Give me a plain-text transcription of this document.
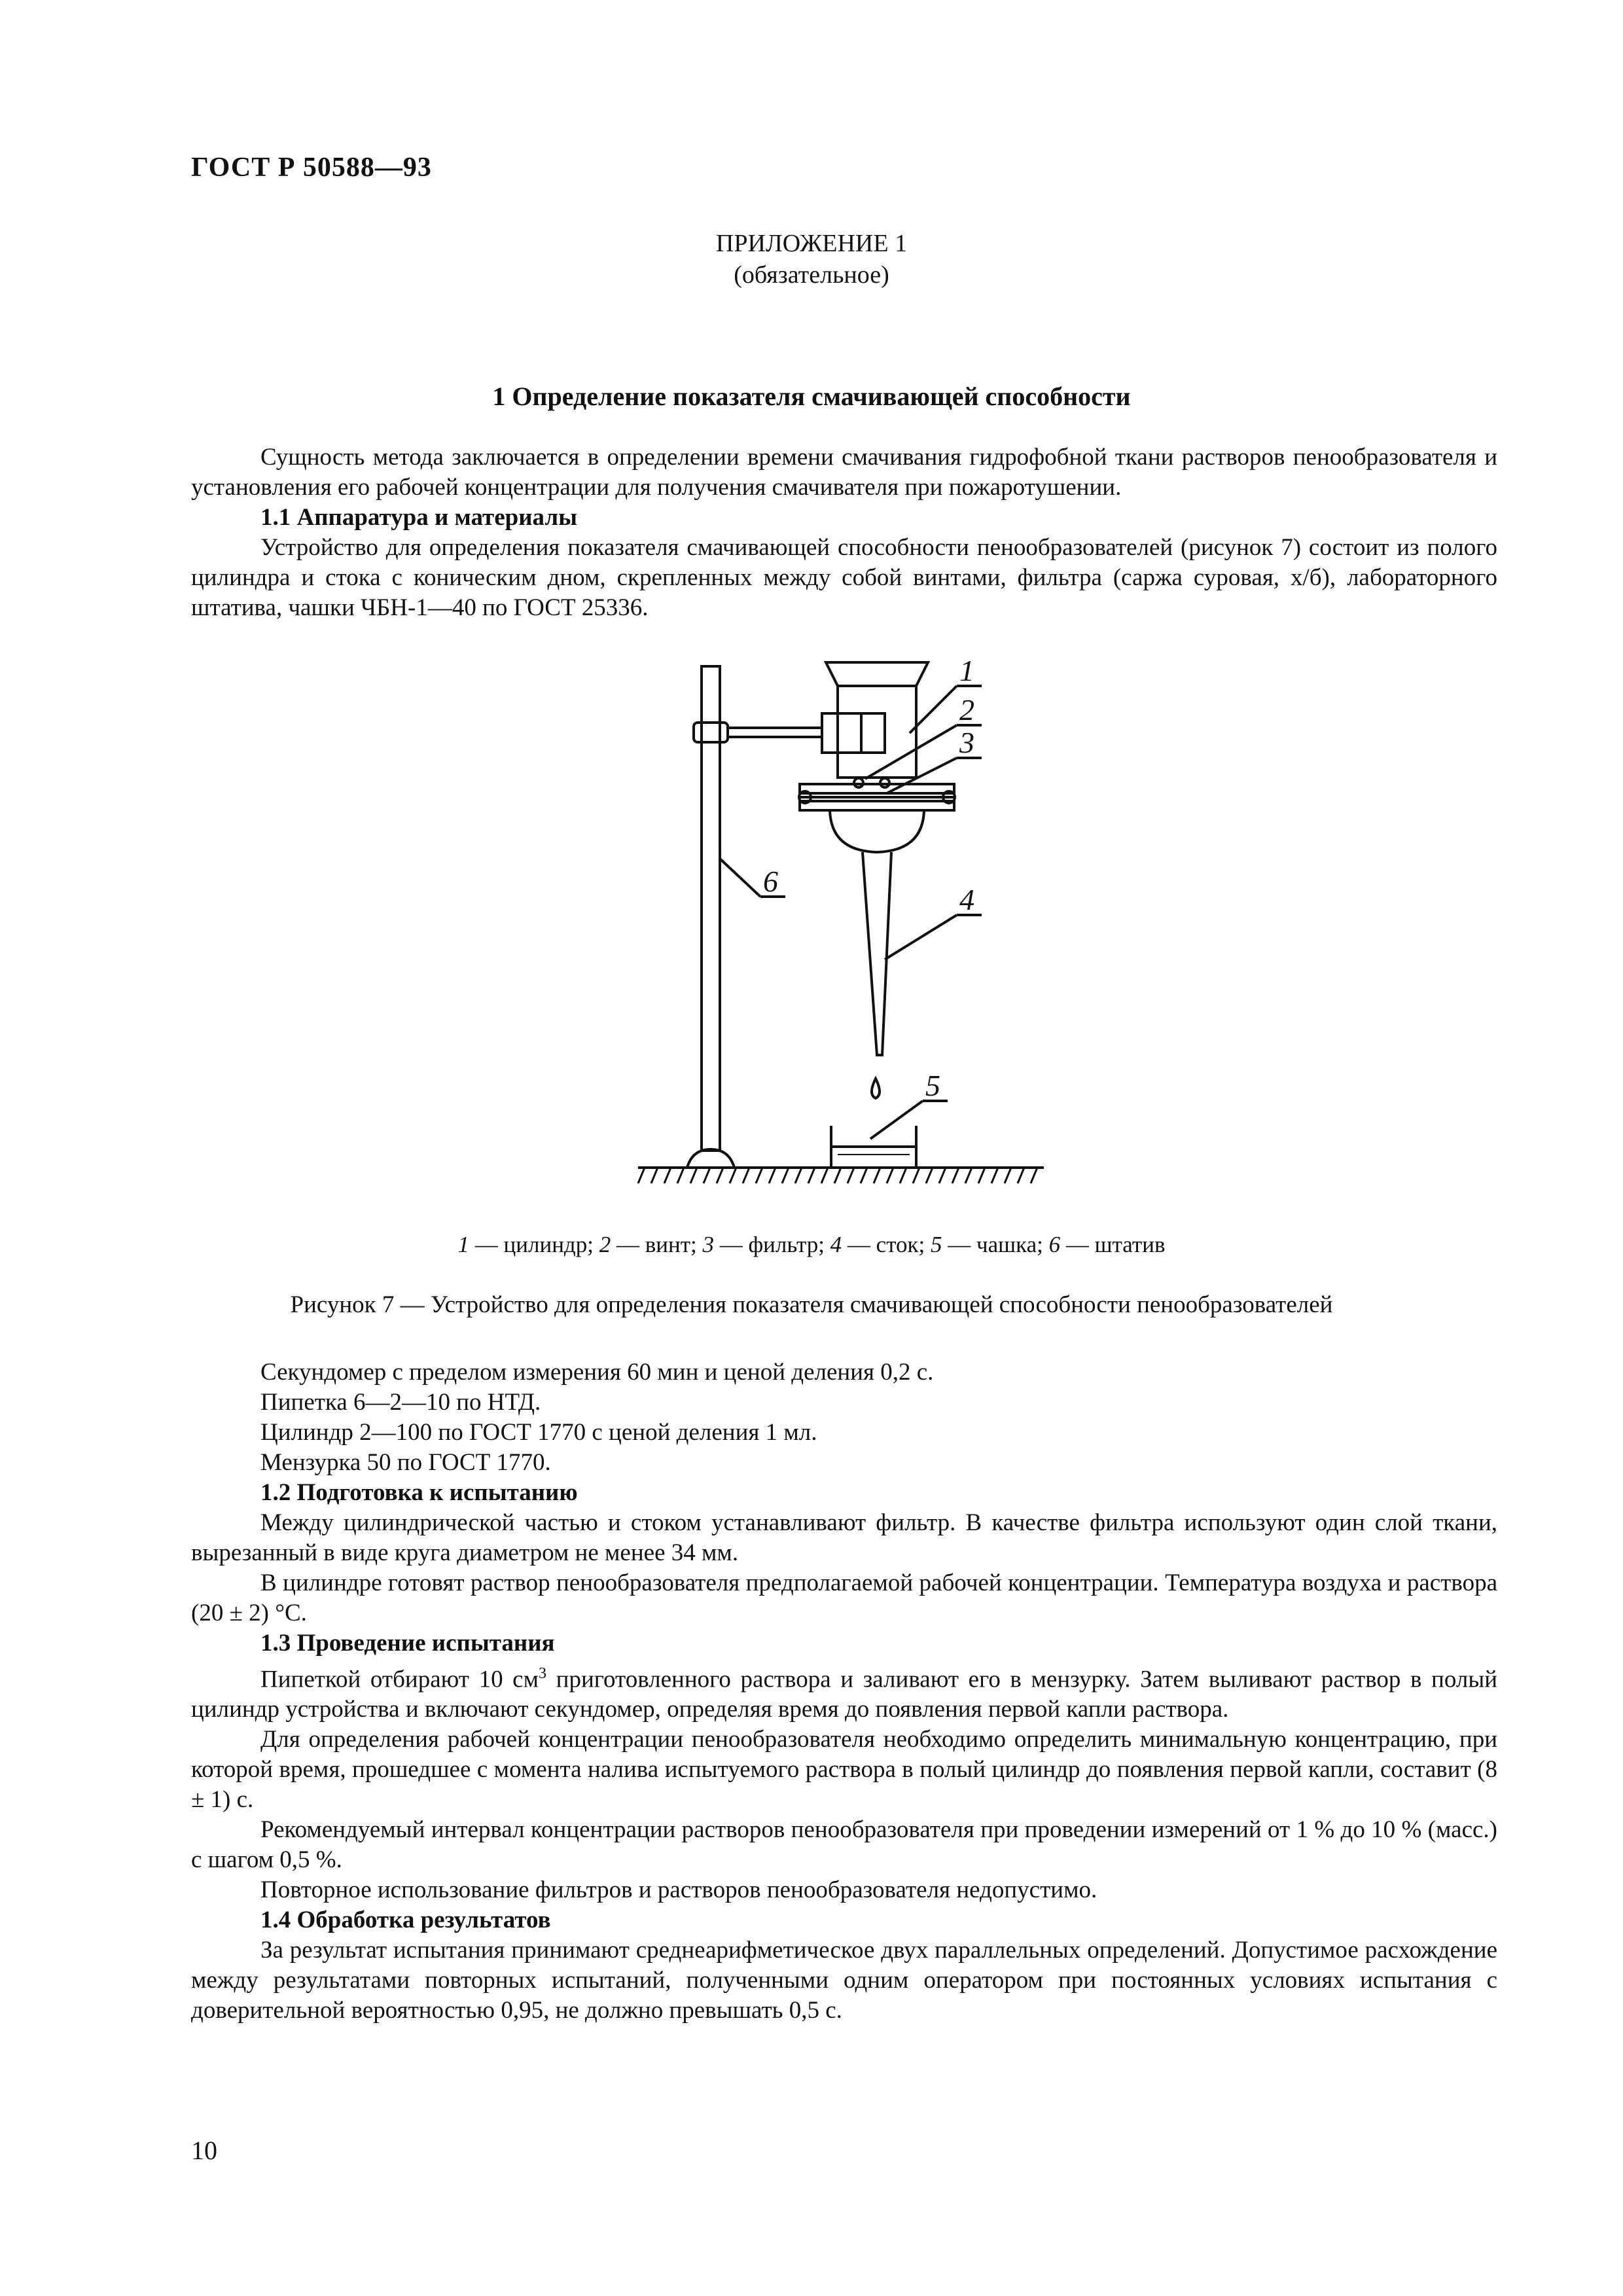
ГОСТ Р 50588—93
ПРИЛОЖЕНИЕ 1
(обязательное)
1 Определение показателя смачивающей способности

Сущность метода заключается в определении времени смачивания гидрофобной ткани растворов пенообразователя и установления его рабочей концентрации для получения смачивателя при пожаротушении.

1.1 Аппаратура и материалы

Устройство для определения показателя смачивающей способности пенообразователей (рисунок 7) состоит из полого цилиндра и стока с коническим дном, скрепленных между собой винтами, фильтра (саржа суровая, х/б), лабораторного штатива, чашки ЧБН-1—40 по ГОСТ 25336.

1
2
3
4
5
6
1 — цилиндр; 2 — винт; 3 — фильтр; 4 — сток; 5 — чашка; 6 — штатив
Рисунок 7 — Устройство для определения показателя смачивающей способности пенообразователей
Секундомер с пределом измерения 60 мин и ценой деления 0,2 с.
Пипетка 6—2—10 по НТД.
Цилиндр 2—100 по ГОСТ 1770 с ценой деления 1 мл.
Мензурка 50 по ГОСТ 1770.

1.2 Подготовка к испытанию

Между цилиндрической частью и стоком устанавливают фильтр. В качестве фильтра используют один слой ткани, вырезанный в виде круга диаметром не менее 34 мм.

В цилиндре готовят раствор пенообразователя предполагаемой рабочей концентрации. Температура воздуха и раствора (20 ± 2) °С.

1.3 Проведение испытания

Пипеткой отбирают 10 $см^3$ приготовленного раствора и заливают его в мензурку. Затем выливают раствор в полый цилиндр устройства и включают секундомер, определяя время до появления первой капли раствора.

Для определения рабочей концентрации пенообразователя необходимо определить минимальную концентрацию, при которой время, прошедшее с момента налива испытуемого раствора в полый цилиндр до появления первой капли, составит (8 ± 1) с.

Рекомендуемый интервал концентрации растворов пенообразователя при проведении измерений от 1 % до 10 % (масс.) с шагом 0,5 %.

Повторное использование фильтров и растворов пенообразователя недопустимо.

1.4 Обработка результатов

За результат испытания принимают среднеарифметическое двух параллельных определений. Допустимое расхождение между результатами повторных испытаний, полученными одним оператором при постоянных условиях испытания с доверительной вероятностью 0,95, не должно превышать 0,5 с.

10
